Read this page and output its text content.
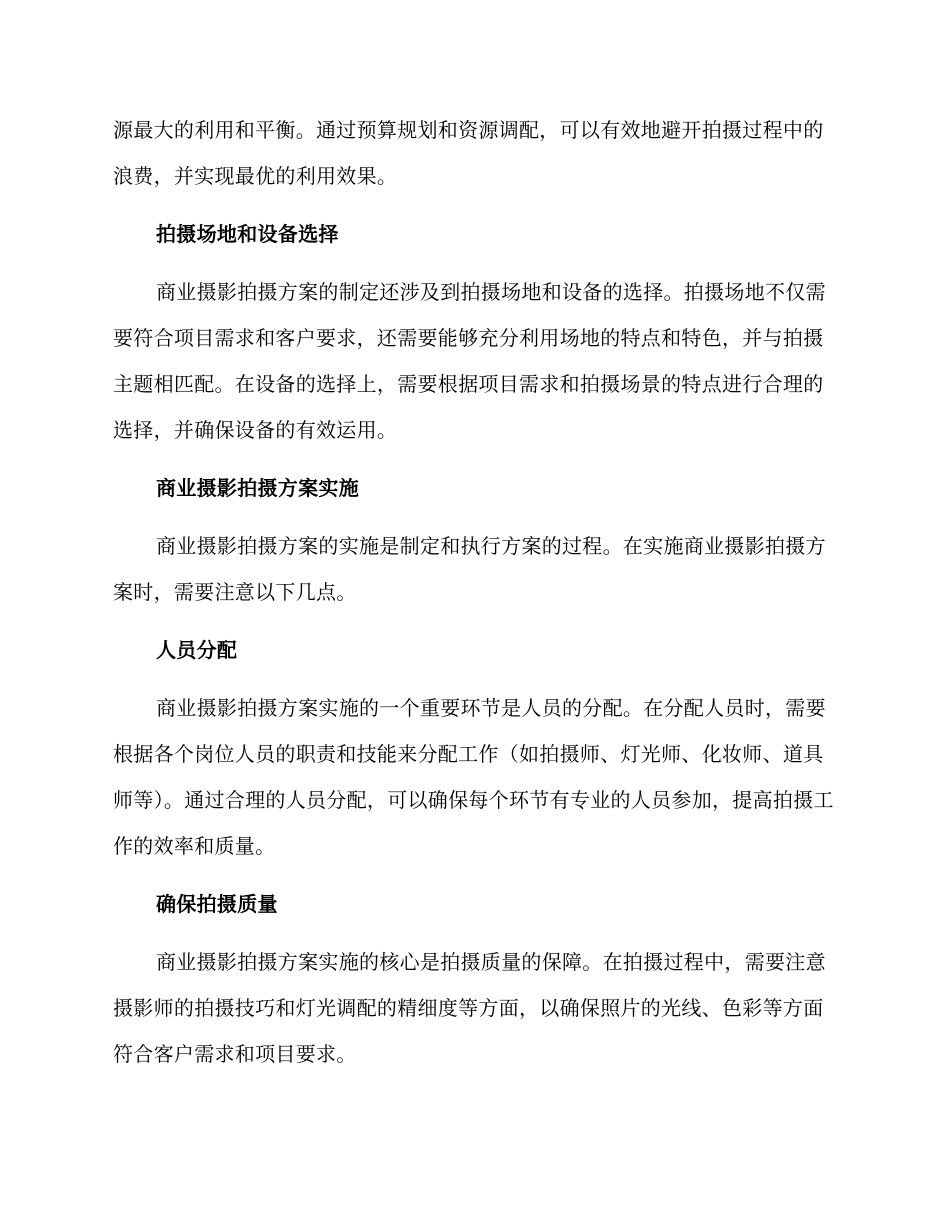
源最大的利用和平衡。通过预算规划和资源调配，可以有效地避开拍摄过程中的浪费，并实现最优的利用效果。

拍摄场地和设备选择

商业摄影拍摄方案的制定还涉及到拍摄场地和设备的选择。拍摄场地不仅需要符合项目需求和客户要求，还需要能够充分利用场地的特点和特色，并与拍摄主题相匹配。在设备的选择上，需要根据项目需求和拍摄场景的特点进行合理的选择，并确保设备的有效运用。

商业摄影拍摄方案实施

商业摄影拍摄方案的实施是制定和执行方案的过程。在实施商业摄影拍摄方案时，需要注意以下几点。

人员分配

商业摄影拍摄方案实施的一个重要环节是人员的分配。在分配人员时，需要根据各个岗位人员的职责和技能来分配工作（如拍摄师、灯光师、化妆师、道具师等）。通过合理的人员分配，可以确保每个环节有专业的人员参加，提高拍摄工作的效率和质量。

确保拍摄质量

商业摄影拍摄方案实施的核心是拍摄质量的保障。在拍摄过程中，需要注意摄影师的拍摄技巧和灯光调配的精细度等方面，以确保照片的光线、色彩等方面符合客户需求和项目要求。
